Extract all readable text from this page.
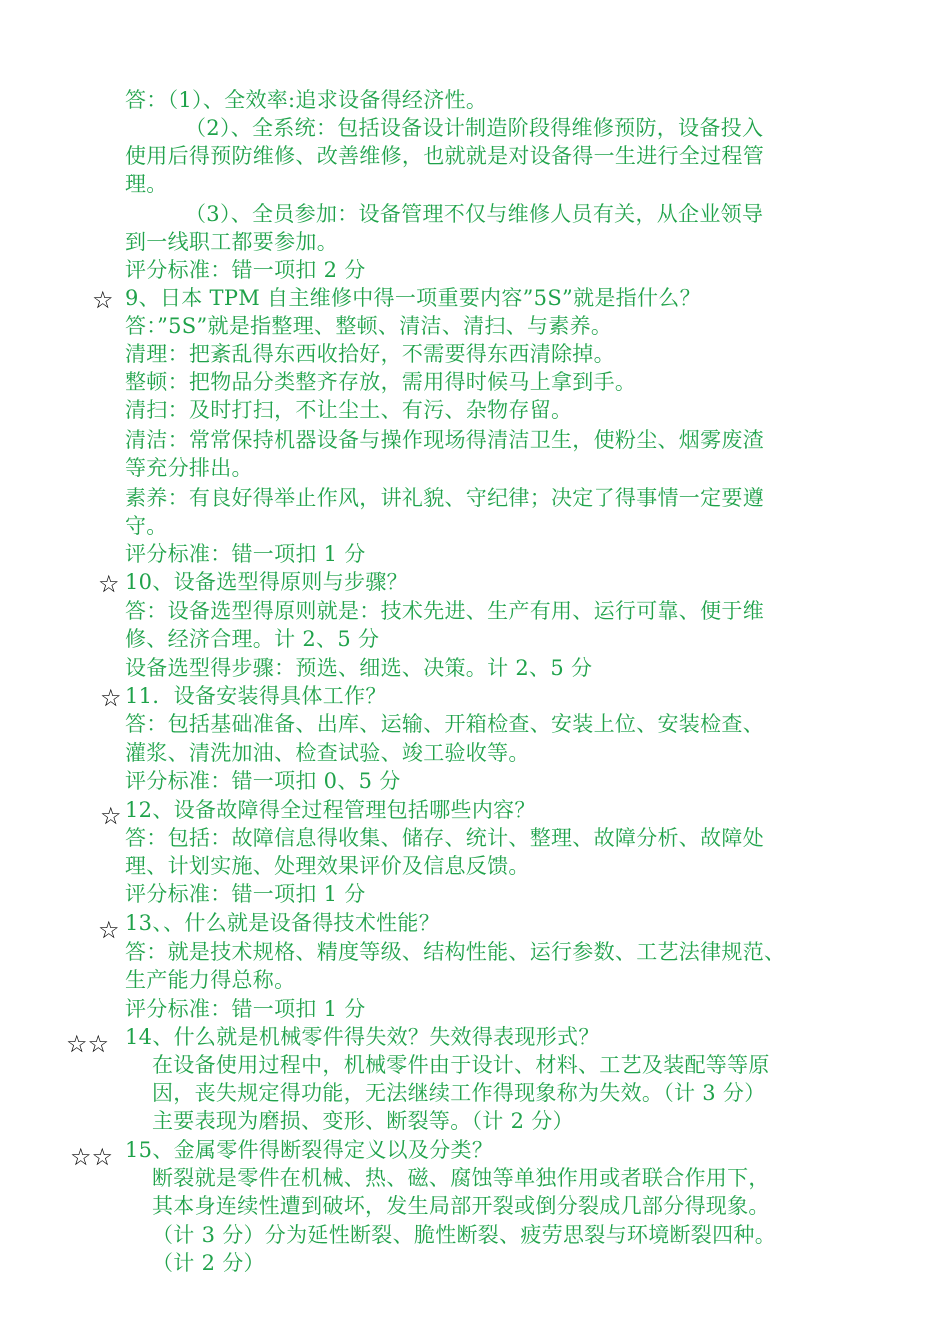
答：（1）、全效率:追求设备得经济性。
（2）、全系统：包括设备设计制造阶段得维修预防，设备投入
使用后得预防维修、改善维修，也就就是对设备得一生进行全过程管
理。
（3）、全员参加：设备管理不仅与维修人员有关，从企业领导
到一线职工都要参加。
评分标准：错一项扣 2 分
☆ 9、日本 TPM 自主维修中得一项重要内容”5S”就是指什么？
答：”5S”就是指整理、整顿、清洁、清扫、与素养。
清理：把紊乱得东西收拾好，不需要得东西清除掉。
整顿：把物品分类整齐存放，需用得时候马上拿到手。
清扫：及时打扫，不让尘土、有污、杂物存留。
清洁：常常保持机器设备与操作现场得清洁卫生，使粉尘、烟雾废渣
等充分排出。
素养：有良好得举止作风，讲礼貌、守纪律；决定了得事情一定要遵
守。
评分标准：错一项扣 1 分
☆ 10、设备选型得原则与步骤？
答：设备选型得原则就是：技术先进、生产有用、运行可靠、便于维
修、经济合理。计 2、5 分
设备选型得步骤：预选、细选、决策。计 2、5 分
☆ 11．设备安装得具体工作？
答：包括基础准备、出库、运输、开箱检查、安装上位、安装检查、
灌浆、清洗加油、检查试验、竣工验收等。
评分标准：错一项扣 0、5 分
☆ 12、设备故障得全过程管理包括哪些内容？
答：包括：故障信息得收集、储存、统计、整理、故障分析、故障处
理、计划实施、处理效果评价及信息反馈。
评分标准：错一项扣 1 分
☆ 13、、什么就是设备得技术性能？
答：就是技术规格、精度等级、结构性能、运行参数、工艺法律规范、
生产能力得总称。
评分标准：错一项扣 1 分
☆☆ 14、什么就是机械零件得失效？失效得表现形式？
在设备使用过程中，机械零件由于设计、材料、工艺及装配等等原
因，丧失规定得功能，无法继续工作得现象称为失效。（计 3 分）
主要表现为磨损、变形、断裂等。（计 2 分）
☆☆ 15、金属零件得断裂得定义以及分类？
断裂就是零件在机械、热、磁、腐蚀等单独作用或者联合作用下，
其本身连续性遭到破坏，发生局部开裂或倒分裂成几部分得现象。
（计 3 分）分为延性断裂、脆性断裂、疲劳思裂与环境断裂四种。
（计 2 分）
